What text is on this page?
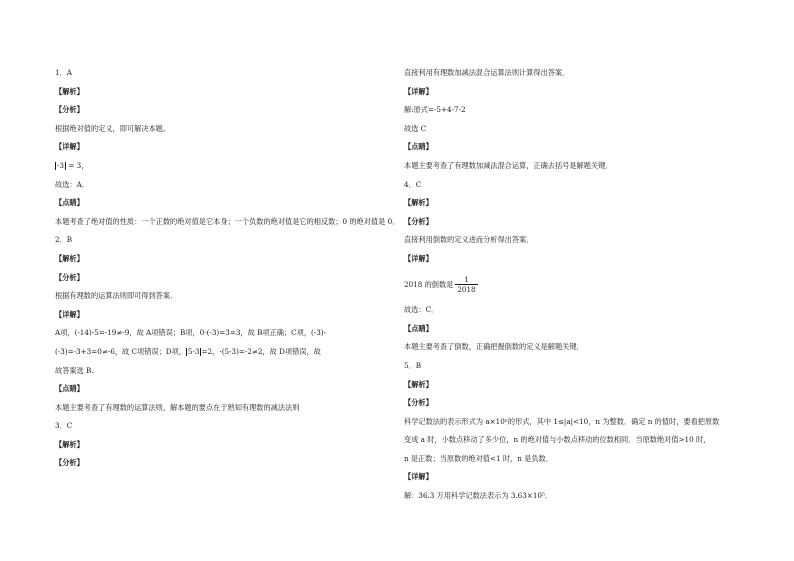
1．A
【解析】
【分析】
根据绝对值的定义，即可解决本题。
【详解】
-3 = 3，
故选：A．
【点睛】
本题考查了绝对值的性质：一个正数的绝对值是它本身；一个负数的绝对值是它的相反数；0 的绝对值是 0．
2．B
【解析】
【分析】
根据有理数的运算法则即可得到答案.
【详解】
A项，(-14)-5=-19≠-9，故 A项错误；B项，0-(-3)=3=3，故 B项正确；C项，(-3)-
(-3)=-3+3=0≠-6，故 C项错误；D项， 5-3 =2，-(5-3)=-2≠2，故 D项错误，故
故答案选 B.
【点睛】
本题主要考查了有理数的运算法则，解本题的要点在于熟知有理数的减法法则
3．C
【解析】
【分析】
直接利用有理数加减法混合运算法则计算得出答案．
【详解】
解:原式=-5+4-7-2
故选 C
【点睛】
本题主要考查了有理数加减法混合运算，正确去括号是解题关键．
4．C
【解析】
【分析】
直接利用倒数的定义进而分析得出答案．
【详解】
2018 的倒数是 $\frac{1}{2018}$
故选：C．
【点睛】
本题主要考查了倒数，正确把握倒数的定义是解题关键．
5．B
【解析】
【分析】
科学记数法的表示形式为 a×10ⁿ的形式，其中 1≤|a|<10，n 为整数．确定 n 的值时，要看把原数
变成 a 时，小数点移动了多少位，n 的绝对值与小数点移动的位数相同．当原数绝对值>10 时，
n 是正数；当原数的绝对值<1 时，n 是负数．
【详解】
解：36.3 万用科学记数法表示为 3.63×10⁵．
